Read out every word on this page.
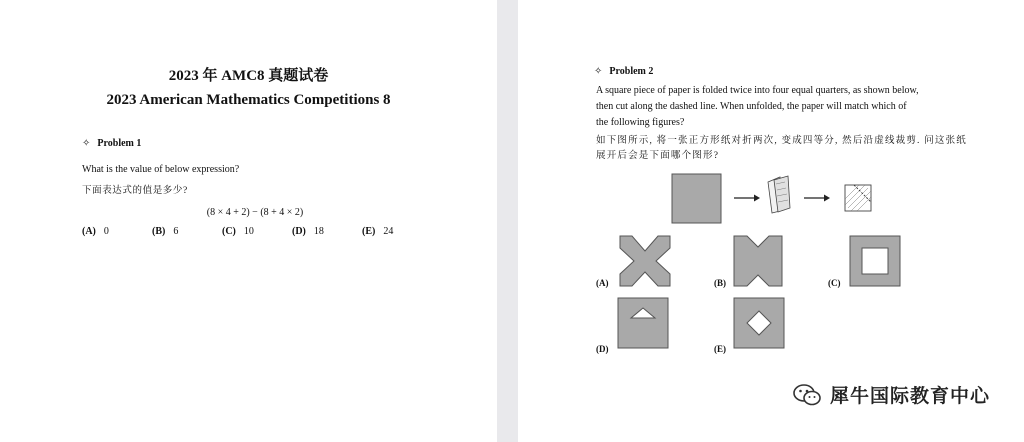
2023 年 AMC8 真题试卷
2023 American Mathematics Competitions 8
✧ Problem 1
What is the value of below expression?
下面表达式的值是多少?
(8 × 4 + 2) − (8 + 4 × 2)
(A) 0	(B) 6	(C) 10	(D) 18	(E) 24
✧ Problem 2
A square piece of paper is folded twice into four equal quarters, as shown below,
then cut along the dashed line. When unfolded, the paper will match which of
the following figures?
如下图所示, 将一张正方形纸对折两次, 变成四等分, 然后沿虚线裁剪. 问这张纸
展开后会是下面哪个图形?
(A)	(B)	(C)
(D)	(E)
犀牛国际教育中心
